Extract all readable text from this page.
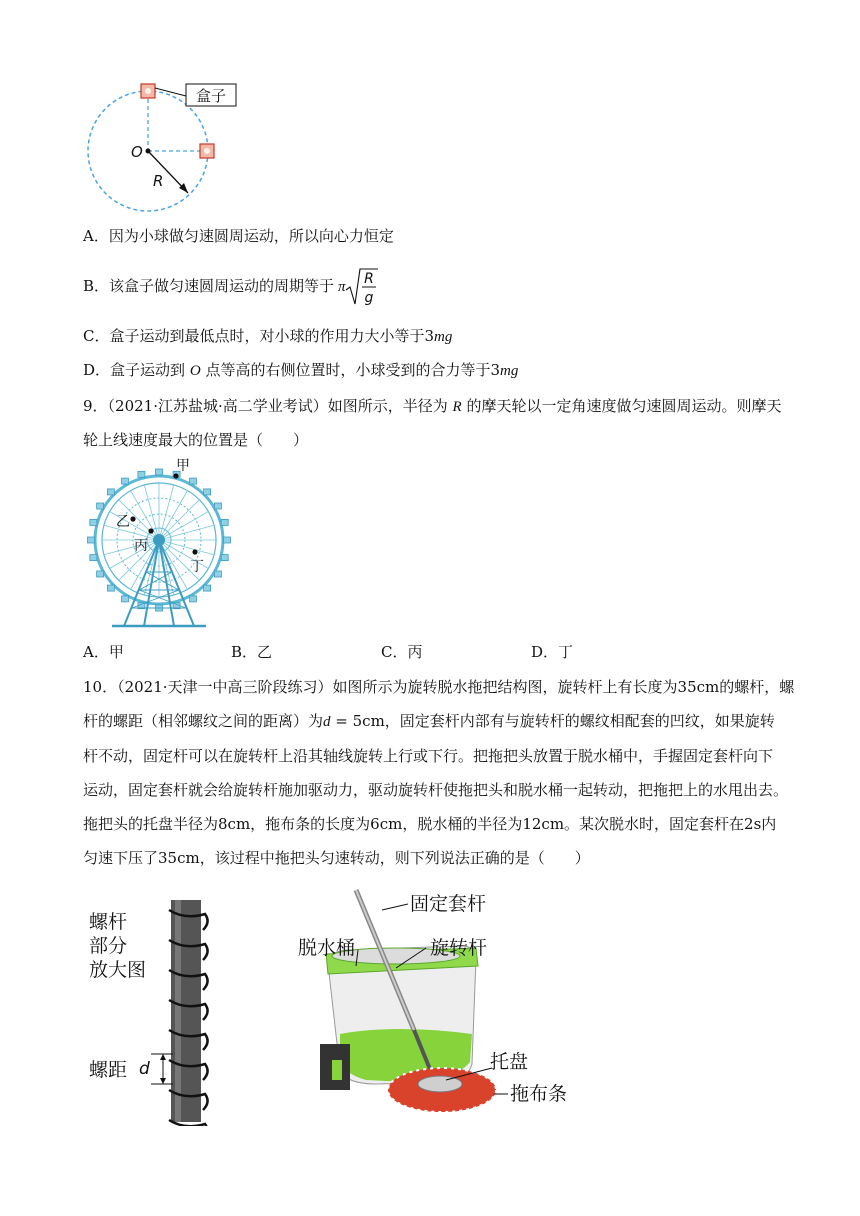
盒子
O
R
A．因为小球做匀速圆周运动，所以向心力恒定
B．该盒子做匀速圆周运动的周期等于 π R
g
C．盒子运动到最低点时，对小球的作用力大小等于3mg
D．盒子运动到 O 点等高的右侧位置时，小球受到的合力等于3mg
9．（2021·江苏盐城·高二学业考试）如图所示，半径为 R 的摩天轮以一定角速度做匀速圆周运动。则摩天
轮上线速度最大的位置是（　　）
甲
乙
丙
丁
A．甲	B．乙	C．丙	D．丁
10．（2021·天津一中高三阶段练习）如图所示为旋转脱水拖把结构图，旋转杆上有长度为35cm的螺杆，螺
杆的螺距（相邻螺纹之间的距离）为d = 5cm，固定套杆内部有与旋转杆的螺纹相配套的凹纹，如果旋转
杆不动，固定杆可以在旋转杆上沿其轴线旋转上行或下行。把拖把头放置于脱水桶中，手握固定套杆向下
运动，固定套杆就会给旋转杆施加驱动力，驱动旋转杆使拖把头和脱水桶一起转动，把拖把上的水甩出去。
拖把头的托盘半径为8cm，拖布条的长度为6cm，脱水桶的半径为12cm。某次脱水时，固定套杆在2s内
匀速下压了35cm，该过程中拖把头匀速转动，则下列说法正确的是（　　）
螺杆
部分
放大图
螺距 d
固定套杆
脱水桶	旋转杆
托盘
拖布条
